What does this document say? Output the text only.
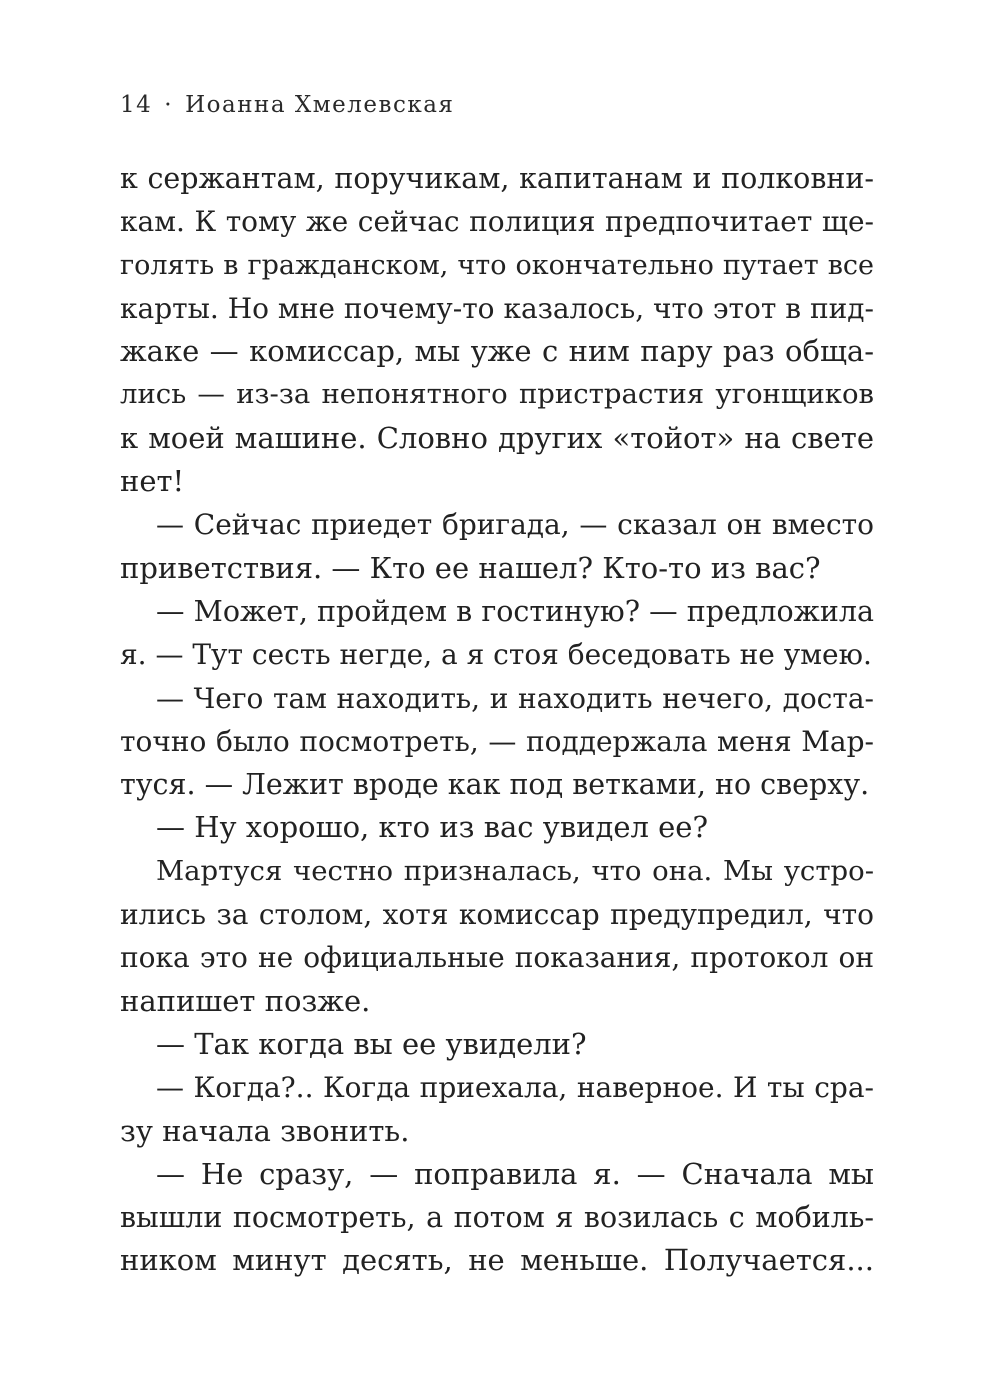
14 · Иоанна Хмелевская
к сержантам, поручикам, капитанам и полковни-
кам. К тому же сейчас полиция предпочитает ще-
голять в гражданском, что окончательно путает все
карты. Но мне почему-то казалось, что этот в пид-
жаке — комиссар, мы уже с ним пару раз обща-
лись — из-за непонятного пристрастия угонщиков
к моей машине. Словно других «тойот» на свете
нет!
— Сейчас приедет бригада, — сказал он вместо
приветствия. — Кто ее нашел? Кто-то из вас?
— Может, пройдем в гостиную? — предложила
я. — Тут сесть негде, а я стоя беседовать не умею.
— Чего там находить, и находить нечего, доста-
точно было посмотреть, — поддержала меня Мар-
туся. — Лежит вроде как под ветками, но сверху.
— Ну хорошо, кто из вас увидел ее?
Мартуся честно призналась, что она. Мы устро-
ились за столом, хотя комиссар предупредил, что
пока это не официальные показания, протокол он
напишет позже.
— Так когда вы ее увидели?
— Когда?.. Когда приехала, наверное. И ты сра-
зу начала звонить.
— Не сразу, — поправила я. — Сначала мы
вышли посмотреть, а потом я возилась с мобиль-
ником минут десять, не меньше. Получается...
